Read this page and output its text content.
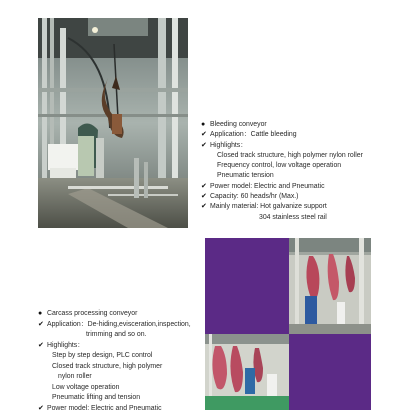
● Bleeding conveyor
✔ Application：Cattle bleeding
✔ Highlights：
Closed track structure, high polymer nylon roller
Frequency control, low voltage operation
Pneumatic tension
✔ Power model: Electric and Pneumatic
✔ Capacity: 60 heads/hr (Max.)
✔ Mainly material: Hot galvanize support
304 stainless steel rail
● Carcass processing conveyor
✔ Application：De-hiding,evisceration,inspection,
trimming and so on.
✔ Highlights：
Step by step design, PLC control
Closed track structure, high polymer
nylon roller
Low voltage operation
Pneumatic lifting and tension
✔ Power model: Electric and Pneumatic
